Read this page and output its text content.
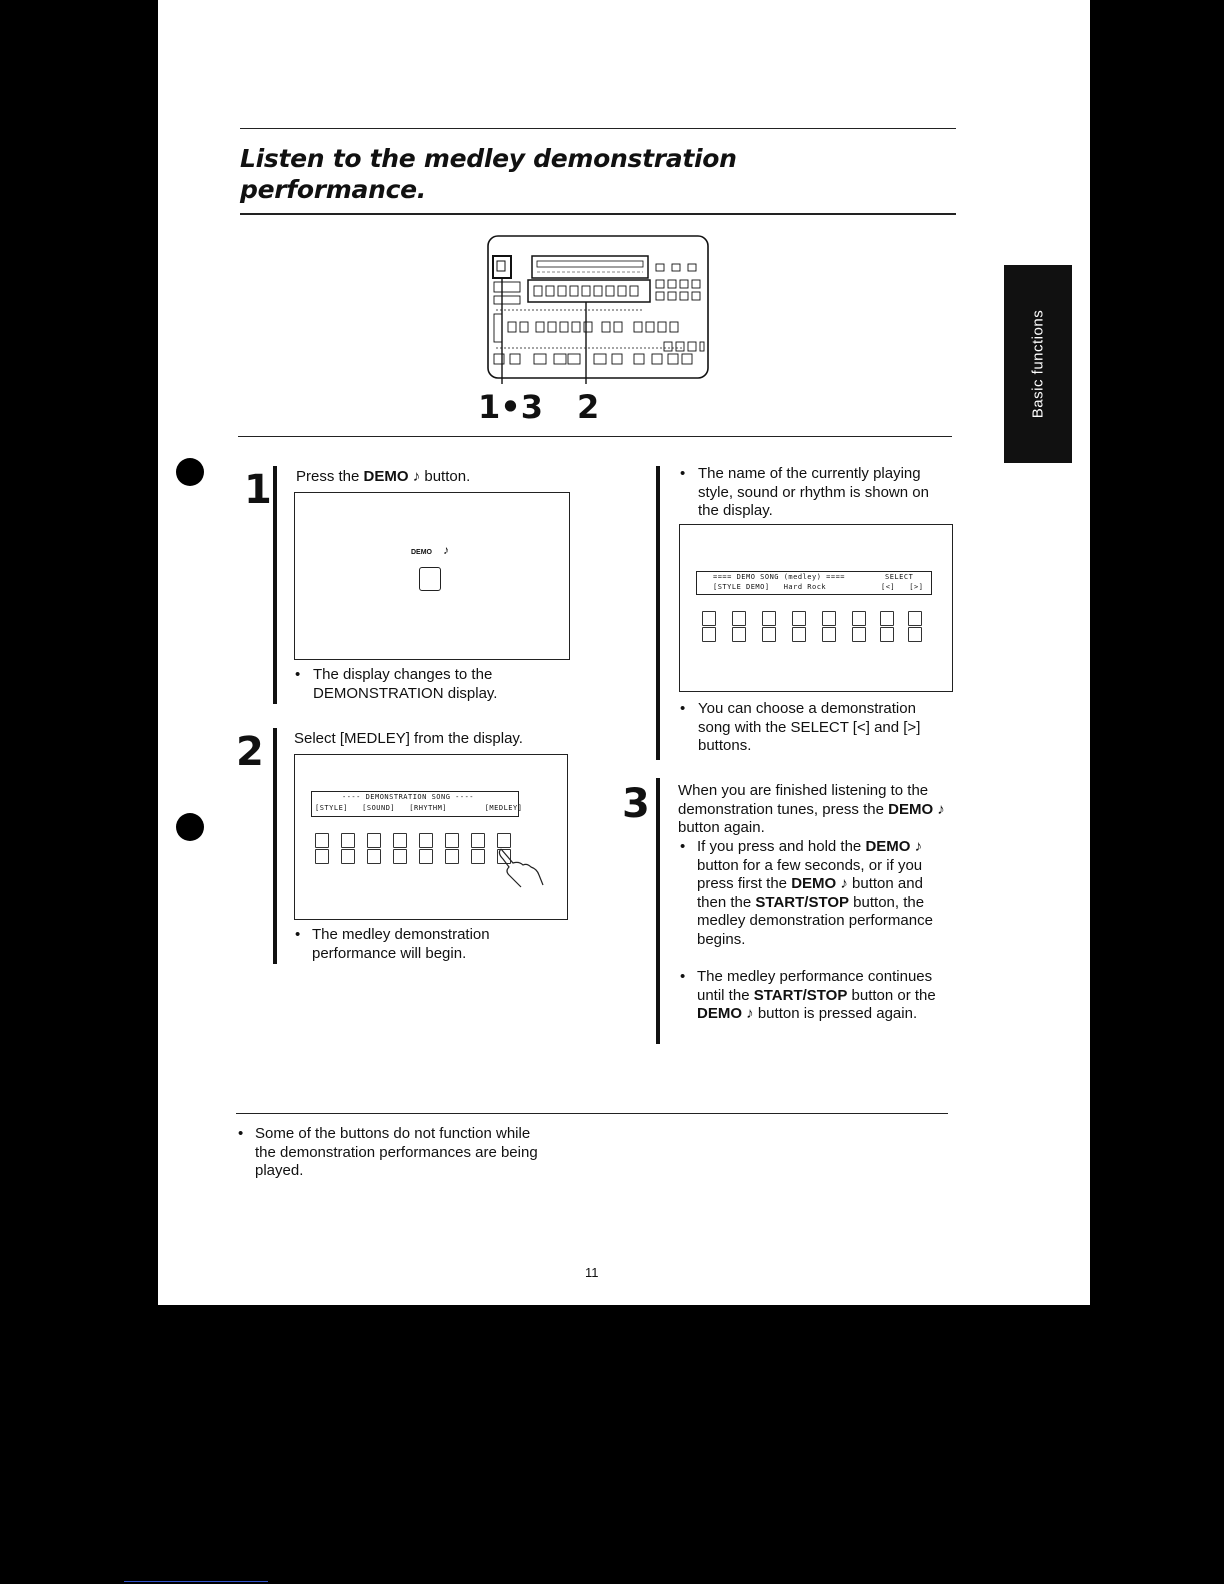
Basic functions
Listen to the medley demonstration
performance.
1•3 2
1 Press the DEMO ♪ button.
DEMO ♪
• The display changes to the DEMONSTRATION display.
2 Select [MEDLEY] from the display.
---- DEMONSTRATION SONG ----
[STYLE]   [SOUND]   [RHYTHM]        [MEDLEY]
• The medley demonstration performance will begin.
• The name of the currently playing style, sound or rhythm is shown on the display.
==== DEMO SONG (medley) ====	SELECT
[STYLE DEMO]   Hard Rock	[<]   [>]
• You can choose a demonstration song with the SELECT [<] and [>] buttons.
3 When you are finished listening to the demonstration tunes, press the DEMO ♪ button again.
• If you press and hold the DEMO ♪ button for a few seconds, or if you press first the DEMO ♪ button and then the START/STOP button, the medley demonstration performance begins.
• The medley performance continues until the START/STOP button or the DEMO ♪ button is pressed again.
• Some of the buttons do not function while the demonstration performances are being played.
11
